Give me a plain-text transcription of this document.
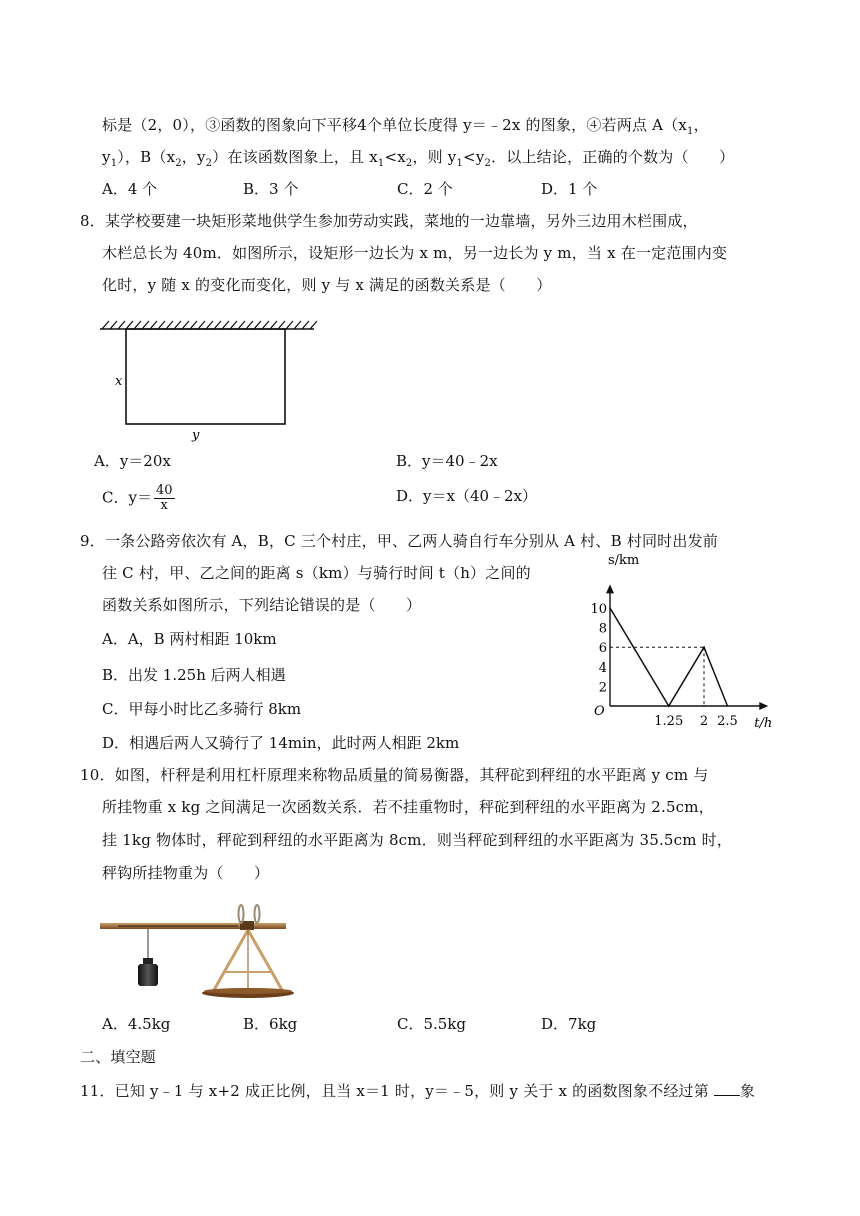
标是（2，0），③函数的图象向下平移4个单位长度得 y＝﹣2x 的图象，④若两点 $A(x_1$，
$y_1$），$B(x_2$，$y_2$）在该函数图象上，且 $x_1<x_2$，则 $y_1<y_2$．以上结论，正确的个数为（　　）
A．4 个	B．3 个	C．2 个	D．1 个
8．某学校要建一块矩形菜地供学生参加劳动实践，菜地的一边靠墙，另外三边用木栏围成，
木栏总长为 40m．如图所示，设矩形一边长为 x m，另一边长为 y m，当 x 在一定范围内变
化时，y 随 x 的变化而变化，则 y 与 x 满足的函数关系是（　　）
x
y
A．y＝20x	B．y＝40﹣2x
C．$y= \frac{40}{x}$	D．y＝x（40﹣2x）
9．一条公路旁依次有 A，B，C 三个村庄，甲、乙两人骑自行车分别从 A 村、B 村同时出发前
往 C 村，甲、乙之间的距离 s（km）与骑行时间 t（h）之间的
函数关系如图所示，下列结论错误的是（　　）
A．A，B 两村相距 10km
B．出发 1.25h 后两人相遇
C．甲每小时比乙多骑行 8km
D．相遇后两人又骑行了 14min，此时两人相距 2km
10
8
6
4
2
1.25 2 2.5
s/km
t/h
O
10．如图，杆秤是利用杠杆原理来称物品质量的简易衡器，其秤砣到秤纽的水平距离 y cm 与
所挂物重 x kg 之间满足一次函数关系．若不挂重物时，秤砣到秤纽的水平距离为 2.5cm，
挂 1kg 物体时，秤砣到秤纽的水平距离为 8cm．则当秤砣到秤纽的水平距离为 35.5cm 时，
秤钩所挂物重为（　　）
A．4.5kg	B．6kg	C．5.5kg	D．7kg
二、填空题
11．已知 y﹣1 与 x+2 成正比例，且当 x＝1 时，y＝﹣5，则 y 关于 x 的函数图象不经过第 象
